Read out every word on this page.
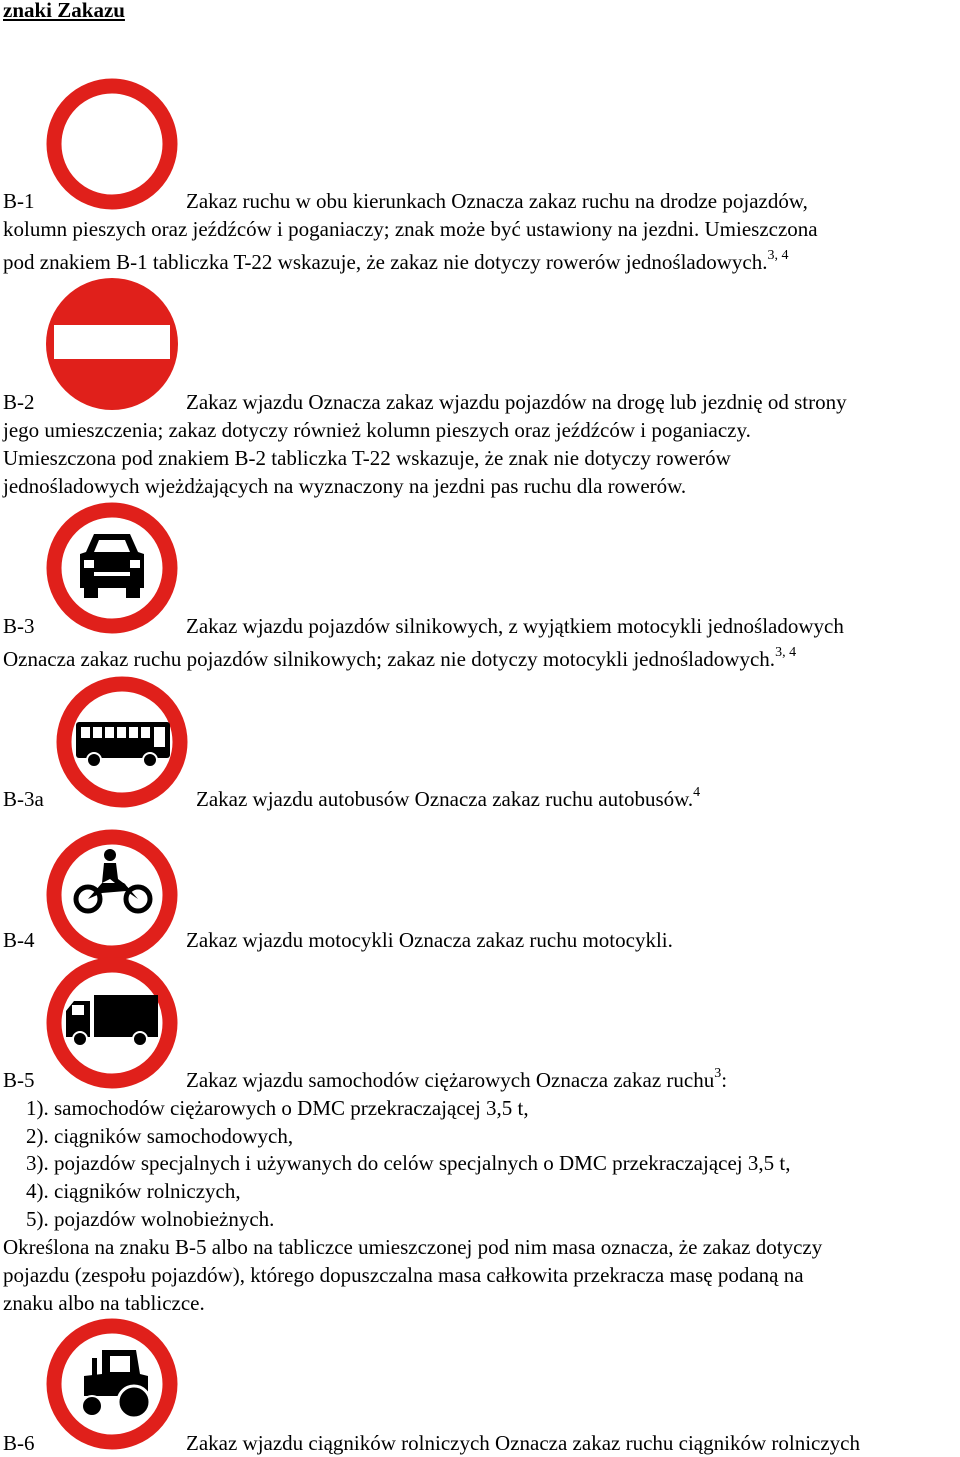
znaki Zakazu
B-1	Zakaz ruchu w obu kierunkach Oznacza zakaz ruchu na drodze pojazdów,
kolumn pieszych oraz jeźdźców i poganiaczy; znak może być ustawiony na jezdni. Umieszczona
pod znakiem B-1 tabliczka T-22 wskazuje, że zakaz nie dotyczy rowerów jednośladowych.$^{3, 4}$
B-2	Zakaz wjazdu Oznacza zakaz wjazdu pojazdów na drogę lub jezdnię od strony
jego umieszczenia; zakaz dotyczy również kolumn pieszych oraz jeźdźców i poganiaczy.
Umieszczona pod znakiem B-2 tabliczka T-22 wskazuje, że znak nie dotyczy rowerów
jednośladowych wjeżdżających na wyznaczony na jezdni pas ruchu dla rowerów.
B-3	Zakaz wjazdu pojazdów silnikowych, z wyjątkiem motocykli jednośladowych
Oznacza zakaz ruchu pojazdów silnikowych; zakaz nie dotyczy motocykli jednośladowych.$^{3, 4}$
B-3a	Zakaz wjazdu autobusów Oznacza zakaz ruchu autobusów.$^4$
B-4	Zakaz wjazdu motocykli Oznacza zakaz ruchu motocykli.
B-5	Zakaz wjazdu samochodów ciężarowych Oznacza zakaz ruchu$^3$:
1). samochodów ciężarowych o DMC przekraczającej 3,5 t,
2). ciągników samochodowych,
3). pojazdów specjalnych i używanych do celów specjalnych o DMC przekraczającej 3,5 t,
4). ciągników rolniczych,
5). pojazdów wolnobieżnych.
Określona na znaku B-5 albo na tabliczce umieszczonej pod nim masa oznacza, że zakaz dotyczy
pojazdu (zespołu pojazdów), którego dopuszczalna masa całkowita przekracza masę podaną na
znaku albo na tabliczce.
B-6	Zakaz wjazdu ciągników rolniczych Oznacza zakaz ruchu ciągników rolniczych
